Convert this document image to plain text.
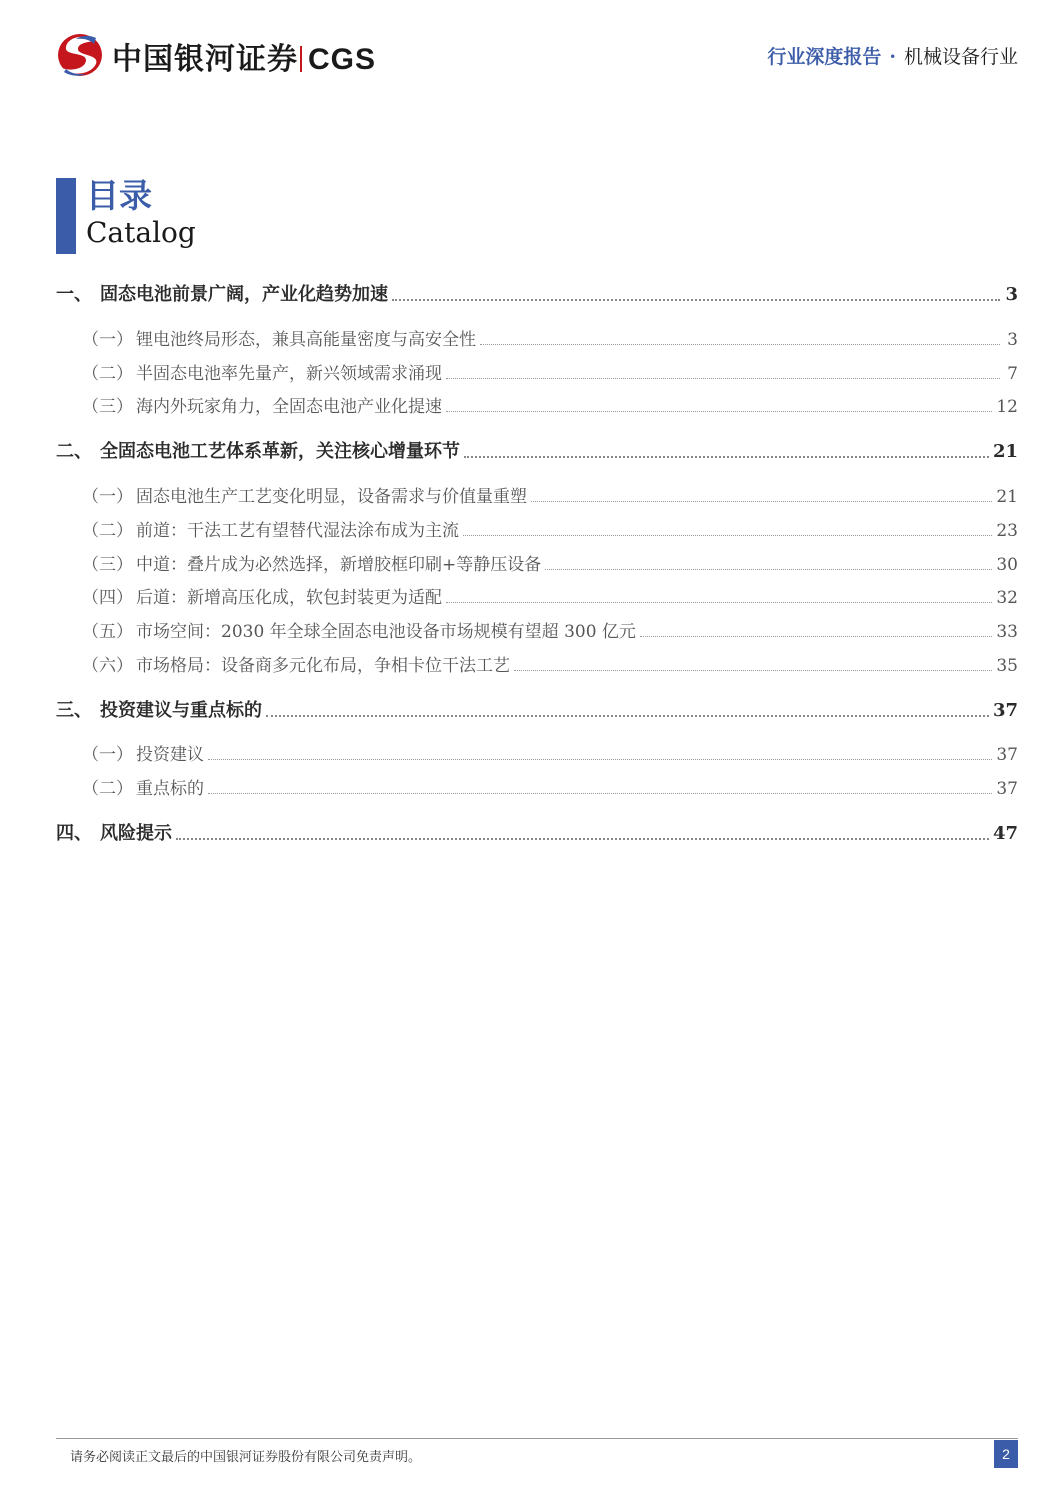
中国银河证券 CGS	行业深度报告 · 机械设备行业
目录
Catalog
一、 固态电池前景广阔，产业化趋势加速	3
（一） 锂电池终局形态，兼具高能量密度与高安全性	3
（二） 半固态电池率先量产，新兴领域需求涌现	7
（三） 海内外玩家角力，全固态电池产业化提速	12
二、 全固态电池工艺体系革新，关注核心增量环节	21
（一） 固态电池生产工艺变化明显，设备需求与价值量重塑	21
（二） 前道：干法工艺有望替代湿法涂布成为主流	23
（三） 中道：叠片成为必然选择，新增胶框印刷+等静压设备	30
（四） 后道：新增高压化成，软包封装更为适配	32
（五） 市场空间：2030 年全球全固态电池设备市场规模有望超 300 亿元	33
（六） 市场格局：设备商多元化布局，争相卡位干法工艺	35
三、 投资建议与重点标的	37
（一） 投资建议	37
（二） 重点标的	37
四、 风险提示	47
请务必阅读正文最后的中国银河证券股份有限公司免责声明。	2
